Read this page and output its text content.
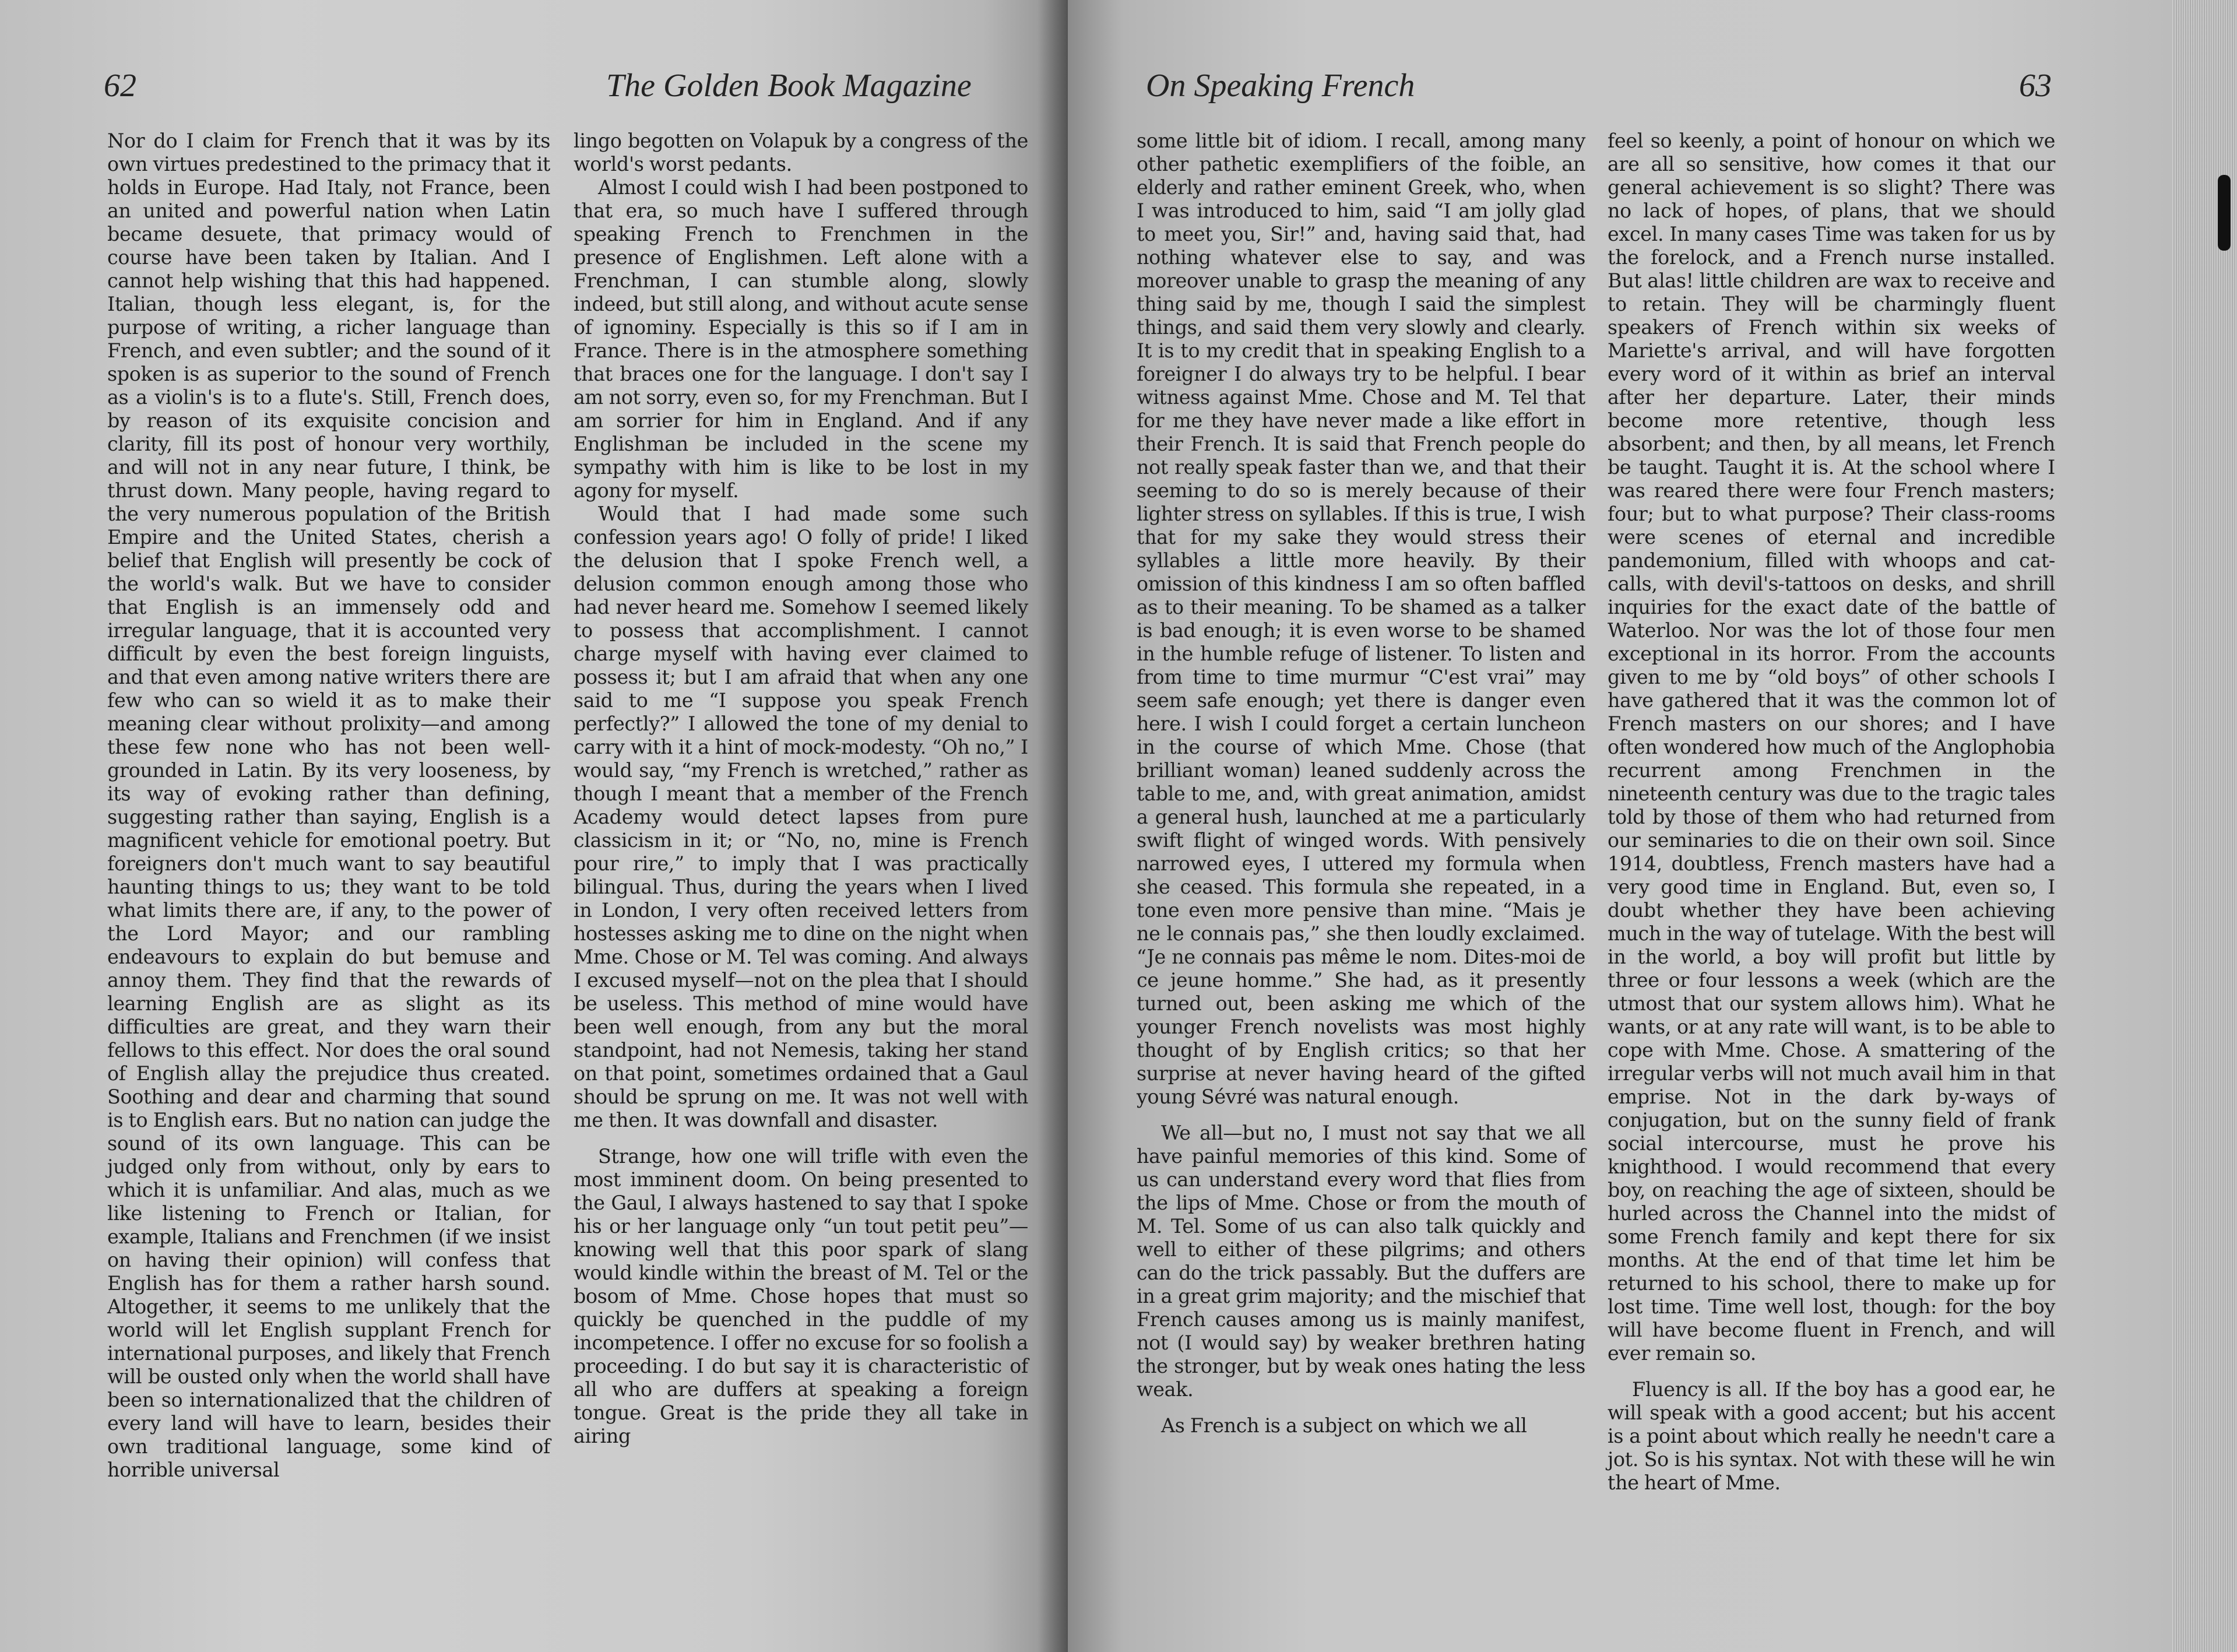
62	The Golden Book Magazine

Nor do I claim for French that it was by its own virtues predestined to the primacy that it holds in Europe. Had Italy, not France, been an united and powerful nation when Latin became desuete, that primacy would of course have been taken by Italian. And I cannot help wishing that this had happened. Italian, though less elegant, is, for the purpose of writing, a richer language than French, and even subtler; and the sound of it spoken is as superior to the sound of French as a violin's is to a flute's. Still, French does, by reason of its exquisite concision and clarity, fill its post of honour very worthily, and will not in any near future, I think, be thrust down. Many people, having regard to the very numerous population of the British Empire and the United States, cherish a belief that English will presently be cock of the world's walk. But we have to consider that English is an immensely odd and irregular language, that it is accounted very difficult by even the best foreign linguists, and that even among native writers there are few who can so wield it as to make their meaning clear without prolixity—and among these few none who has not been well-grounded in Latin. By its very looseness, by its way of evoking rather than defining, suggesting rather than saying, English is a magnificent vehicle for emotional poetry. But foreigners don't much want to say beautiful haunting things to us; they want to be told what limits there are, if any, to the power of the Lord Mayor; and our rambling endeavours to explain do but bemuse and annoy them. They find that the rewards of learning English are as slight as its difficulties are great, and they warn their fellows to this effect. Nor does the oral sound of English allay the prejudice thus created. Soothing and dear and charming that sound is to English ears. But no nation can judge the sound of its own language. This can be judged only from without, only by ears to which it is unfamiliar. And alas, much as we like listening to French or Italian, for example, Italians and Frenchmen (if we insist on having their opinion) will confess that English has for them a rather harsh sound. Altogether, it seems to me unlikely that the world will let English supplant French for international purposes, and likely that French will be ousted only when the world shall have been so internationalized that the children of every land will have to learn, besides their own traditional language, some kind of horrible universal

lingo begotten on Volapuk by a congress of the world's worst pedants.

Almost I could wish I had been postponed to that era, so much have I suffered through speaking French to Frenchmen in the presence of Englishmen. Left alone with a Frenchman, I can stumble along, slowly indeed, but still along, and without acute sense of ignominy. Especially is this so if I am in France. There is in the atmosphere something that braces one for the language. I don't say I am not sorry, even so, for my Frenchman. But I am sorrier for him in England. And if any Englishman be included in the scene my sympathy with him is like to be lost in my agony for myself.

Would that I had made some such confession years ago! O folly of pride! I liked the delusion that I spoke French well, a delusion common enough among those who had never heard me. Somehow I seemed likely to possess that accomplishment. I cannot charge myself with having ever claimed to possess it; but I am afraid that when any one said to me “I suppose you speak French perfectly?” I allowed the tone of my denial to carry with it a hint of mock-modesty. “Oh no,” I would say, “my French is wretched,” rather as though I meant that a member of the French Academy would detect lapses from pure classicism in it; or “No, no, mine is French pour rire,” to imply that I was practically bilingual. Thus, during the years when I lived in London, I very often received letters from hostesses asking me to dine on the night when Mme. Chose or M. Tel was coming. And always I excused myself—not on the plea that I should be useless. This method of mine would have been well enough, from any but the moral standpoint, had not Nemesis, taking her stand on that point, sometimes ordained that a Gaul should be sprung on me. It was not well with me then. It was downfall and disaster.

Strange, how one will trifle with even the most imminent doom. On being presented to the Gaul, I always hastened to say that I spoke his or her language only “un tout petit peu”—knowing well that this poor spark of slang would kindle within the breast of M. Tel or the bosom of Mme. Chose hopes that must so quickly be quenched in the puddle of my incompetence. I offer no excuse for so foolish a proceeding. I do but say it is characteristic of all who are duffers at speaking a foreign tongue. Great is the pride they all take in airing

On Speaking French	63

some little bit of idiom. I recall, among many other pathetic exemplifiers of the foible, an elderly and rather eminent Greek, who, when I was introduced to him, said “I am jolly glad to meet you, Sir!” and, having said that, had nothing whatever else to say, and was moreover unable to grasp the meaning of any thing said by me, though I said the simplest things, and said them very slowly and clearly. It is to my credit that in speaking English to a foreigner I do always try to be helpful. I bear witness against Mme. Chose and M. Tel that for me they have never made a like effort in their French. It is said that French people do not really speak faster than we, and that their seeming to do so is merely because of their lighter stress on syllables. If this is true, I wish that for my sake they would stress their syllables a little more heavily. By their omission of this kindness I am so often baffled as to their meaning. To be shamed as a talker is bad enough; it is even worse to be shamed in the humble refuge of listener. To listen and from time to time murmur “C'est vrai” may seem safe enough; yet there is danger even here. I wish I could forget a certain luncheon in the course of which Mme. Chose (that brilliant woman) leaned suddenly across the table to me, and, with great animation, amidst a general hush, launched at me a particularly swift flight of winged words. With pensively narrowed eyes, I uttered my formula when she ceased. This formula she repeated, in a tone even more pensive than mine. “Mais je ne le connais pas,” she then loudly exclaimed. “Je ne connais pas même le nom. Dites-moi de ce jeune homme.” She had, as it presently turned out, been asking me which of the younger French novelists was most highly thought of by English critics; so that her surprise at never having heard of the gifted young Sévré was natural enough.

We all—but no, I must not say that we all have painful memories of this kind. Some of us can understand every word that flies from the lips of Mme. Chose or from the mouth of M. Tel. Some of us can also talk quickly and well to either of these pilgrims; and others can do the trick passably. But the duffers are in a great grim majority; and the mischief that French causes among us is mainly manifest, not (I would say) by weaker brethren hating the stronger, but by weak ones hating the less weak.

As French is a subject on which we all

feel so keenly, a point of honour on which we are all so sensitive, how comes it that our general achievement is so slight? There was no lack of hopes, of plans, that we should excel. In many cases Time was taken for us by the forelock, and a French nurse installed. But alas! little children are wax to receive and to retain. They will be charmingly fluent speakers of French within six weeks of Mariette's arrival, and will have forgotten every word of it within as brief an interval after her departure. Later, their minds become more retentive, though less absorbent; and then, by all means, let French be taught. Taught it is. At the school where I was reared there were four French masters; four; but to what purpose? Their class-rooms were scenes of eternal and incredible pandemonium, filled with whoops and cat-calls, with devil's-tattoos on desks, and shrill inquiries for the exact date of the battle of Waterloo. Nor was the lot of those four men exceptional in its horror. From the accounts given to me by “old boys” of other schools I have gathered that it was the common lot of French masters on our shores; and I have often wondered how much of the Anglophobia recurrent among Frenchmen in the nineteenth century was due to the tragic tales told by those of them who had returned from our seminaries to die on their own soil. Since 1914, doubtless, French masters have had a very good time in England. But, even so, I doubt whether they have been achieving much in the way of tutelage. With the best will in the world, a boy will profit but little by three or four lessons a week (which are the utmost that our system allows him). What he wants, or at any rate will want, is to be able to cope with Mme. Chose. A smattering of the irregular verbs will not much avail him in that emprise. Not in the dark by-ways of conjugation, but on the sunny field of frank social intercourse, must he prove his knighthood. I would recommend that every boy, on reaching the age of sixteen, should be hurled across the Channel into the midst of some French family and kept there for six months. At the end of that time let him be returned to his school, there to make up for lost time. Time well lost, though: for the boy will have become fluent in French, and will ever remain so.

Fluency is all. If the boy has a good ear, he will speak with a good accent; but his accent is a point about which really he needn't care a jot. So is his syntax. Not with these will he win the heart of Mme.
